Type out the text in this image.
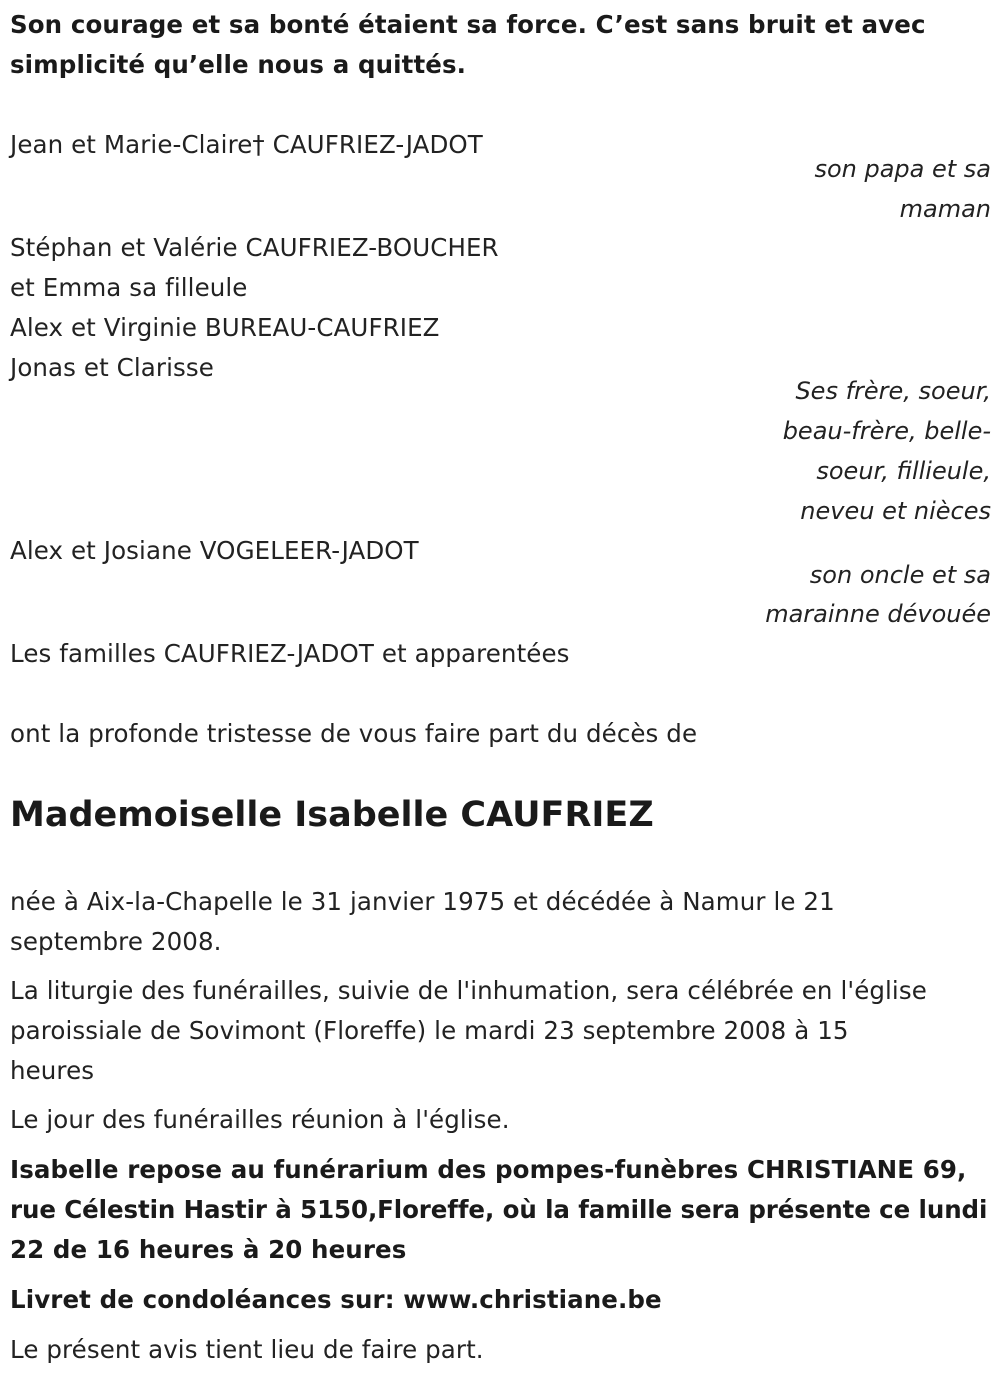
Son courage et sa bonté étaient sa force. C’est sans bruit et avec
simplicité qu’elle nous a quittés.
Jean et Marie-Claire† CAUFRIEZ-JADOT
son papa et sa
maman
Stéphan et Valérie CAUFRIEZ-BOUCHER
et Emma sa filleule
Alex et Virginie BUREAU-CAUFRIEZ
Jonas et Clarisse
Ses frère, soeur,
beau-frère, belle-
soeur, fillieule,
neveu et nièces
Alex et Josiane VOGELEER-JADOT
son oncle et sa
marainne dévouée
Les familles CAUFRIEZ-JADOT et apparentées
ont la profonde tristesse de vous faire part du décès de
Mademoiselle Isabelle CAUFRIEZ
née à Aix-la-Chapelle le 31 janvier 1975 et décédée à Namur le 21
septembre 2008.
La liturgie des funérailles, suivie de l'inhumation, sera célébrée en l'église
paroissiale de Sovimont (Floreffe) le mardi 23 septembre 2008 à 15
heures
Le jour des funérailles réunion à l'église.
Isabelle repose au funérarium des pompes-funèbres CHRISTIANE 69,
rue Célestin Hastir à 5150,Floreffe, où la famille sera présente ce lundi
22 de 16 heures à 20 heures
Livret de condoléances sur: www.christiane.be
Le présent avis tient lieu de faire part.
